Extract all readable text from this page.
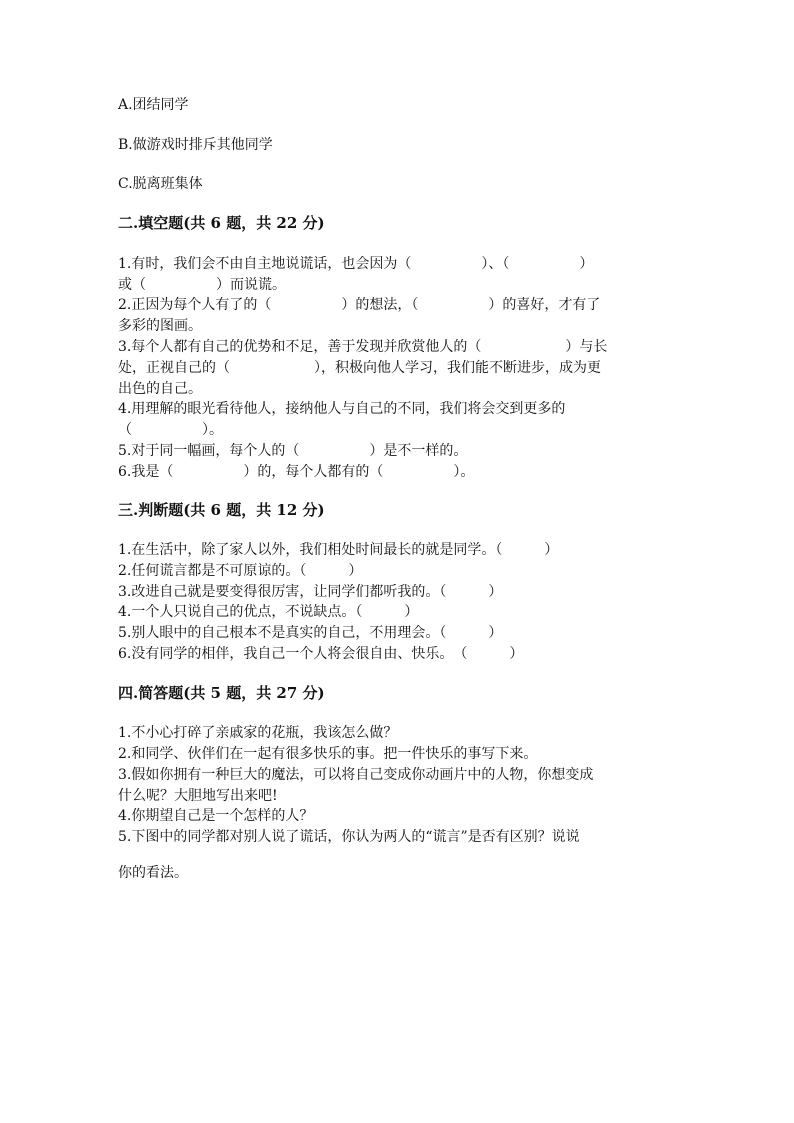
A.团结同学
B.做游戏时排斥其他同学
C.脱离班集体
二.填空题(共 6 题，共 22 分)
1.有时，我们会不由自主地说谎话，也会因为（　　　　　）、（　　　　　）
或（　　　　　）而说谎。
2.正因为每个人有了的（　　　　　）的想法，（　　　　　）的喜好，才有了
多彩的图画。
3.每个人都有自己的优势和不足，善于发现并欣赏他人的（　　　　　　）与长
处，正视自己的（　　　　　　），积极向他人学习，我们能不断进步，成为更
出色的自己。
4.用理解的眼光看待他人，接纳他人与自己的不同，我们将会交到更多的
（　　　　　）。
5.对于同一幅画，每个人的（　　　　　）是不一样的。
6.我是（　　　　　）的，每个人都有的（　　　　　）。
三.判断题(共 6 题，共 12 分)
1.在生活中，除了家人以外，我们相处时间最长的就是同学。（　　　）
2.任何谎言都是不可原谅的。（　　　）
3.改进自己就是要变得很厉害，让同学们都听我的。（　　　）
4.一个人只说自己的优点，不说缺点。（　　　）
5.别人眼中的自己根本不是真实的自己，不用理会。（　　　）
6.没有同学的相伴，我自己一个人将会很自由、快乐。　（　　　）
四.简答题(共 5 题，共 27 分)
1.不小心打碎了亲戚家的花瓶，我该怎么做？
2.和同学、伙伴们在一起有很多快乐的事。把一件快乐的事写下来。
3.假如你拥有一种巨大的魔法，可以将自己变成你动画片中的人物，你想变成
什么呢？大胆地写出来吧!
4.你期望自己是一个怎样的人？
5.下图中的同学都对别人说了谎话，你认为两人的“谎言”是否有区别？说说
你的看法。
